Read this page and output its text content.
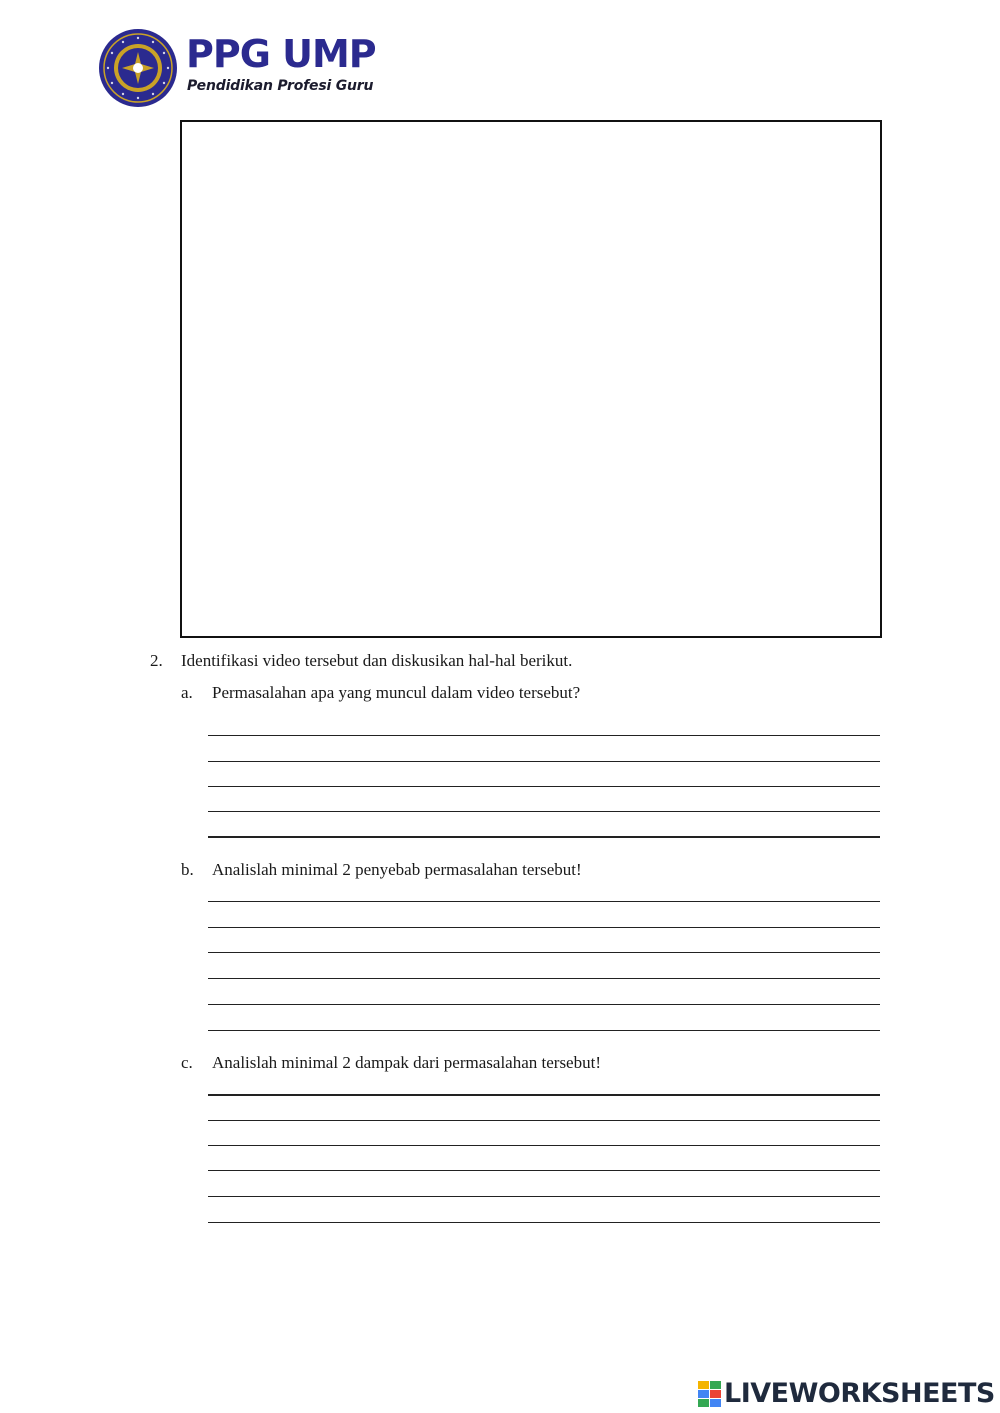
PPG UMP
Pendidikan Profesi Guru
2. Identifikasi video tersebut dan diskusikan hal-hal berikut.
a. Permasalahan apa yang muncul dalam video tersebut?
b. Analislah minimal 2 penyebab permasalahan tersebut!
c. Analislah minimal 2 dampak dari permasalahan tersebut!
LIVEWORKSHEETS
